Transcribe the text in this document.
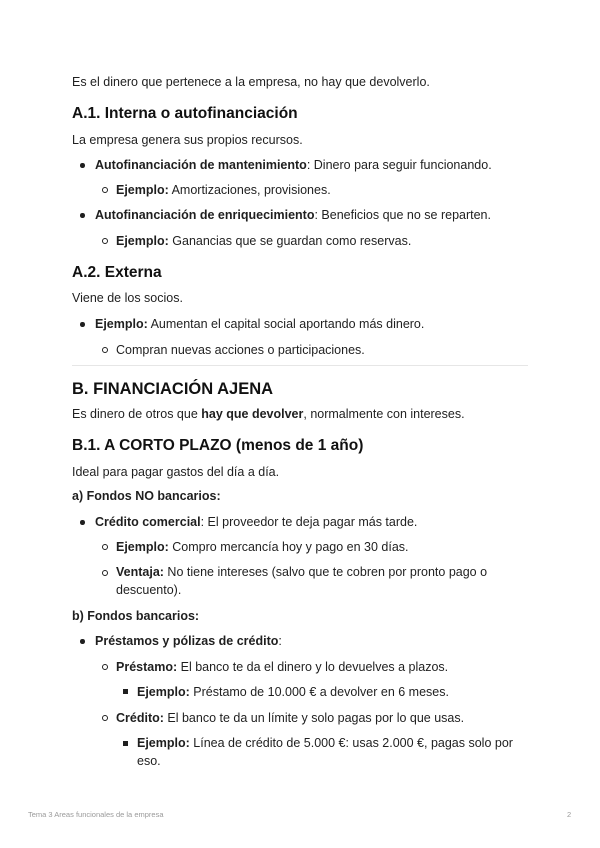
Es el dinero que pertenece a la empresa, no hay que devolverlo.
A.1. Interna o autofinanciación
La empresa genera sus propios recursos.
Autofinanciación de mantenimiento: Dinero para seguir funcionando.
Ejemplo: Amortizaciones, provisiones.
Autofinanciación de enriquecimiento: Beneficios que no se reparten.
Ejemplo: Ganancias que se guardan como reservas.
A.2. Externa
Viene de los socios.
Ejemplo: Aumentan el capital social aportando más dinero.
Compran nuevas acciones o participaciones.
B. FINANCIACIÓN AJENA
Es dinero de otros que hay que devolver, normalmente con intereses.
B.1. A CORTO PLAZO (menos de 1 año)
Ideal para pagar gastos del día a día.
a) Fondos NO bancarios:
Crédito comercial: El proveedor te deja pagar más tarde.
Ejemplo: Compro mercancía hoy y pago en 30 días.
Ventaja: No tiene intereses (salvo que te cobren por pronto pago o descuento).
b) Fondos bancarios:
Préstamos y pólizas de crédito:
Préstamo: El banco te da el dinero y lo devuelves a plazos.
Ejemplo: Préstamo de 10.000 € a devolver en 6 meses.
Crédito: El banco te da un límite y solo pagas por lo que usas.
Ejemplo: Línea de crédito de 5.000 €: usas 2.000 €, pagas solo por eso.
Tema 3 Areas funcionales de la empresa	2
